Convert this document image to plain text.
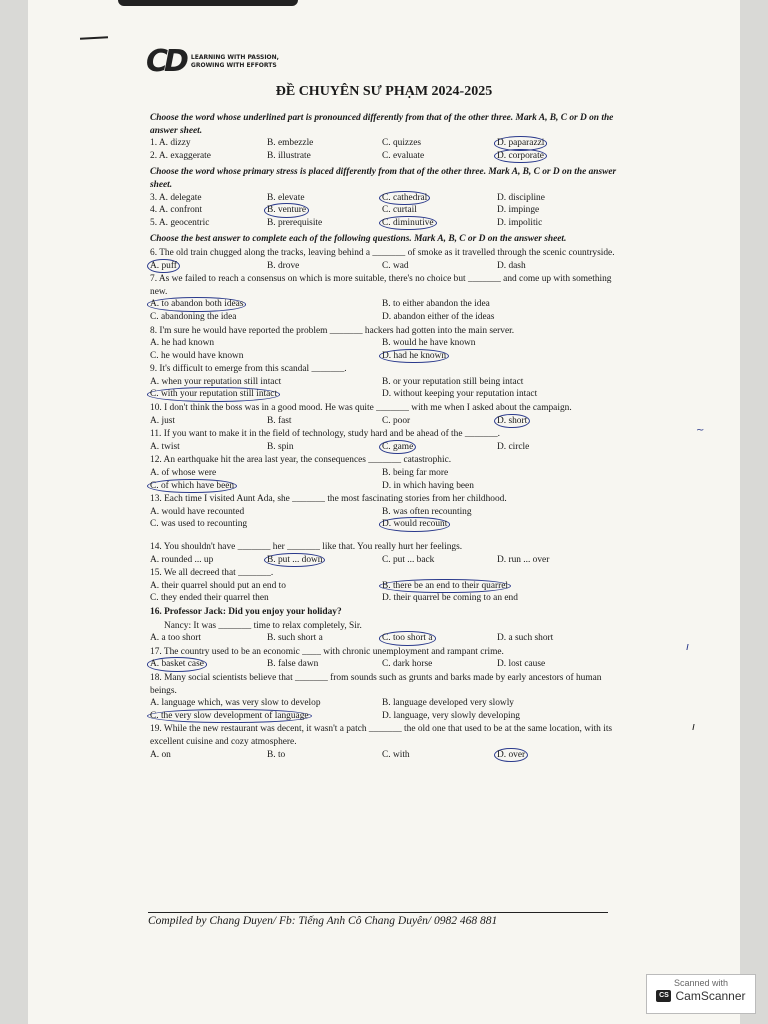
CD LEARNING WITH PASSION,
GROWING WITH EFFORTS
ĐỀ CHUYÊN SƯ PHẠM 2024-2025
Choose the word whose underlined part is pronounced differently from that of the other three. Mark A, B, C or D on the answer sheet.
1. A. dizzy	B. embezzle	C. quizzes	D. paparazzi
2. A. exaggerate	B. illustrate	C. evaluate	D. corporate
Choose the word whose primary stress is placed differently from that of the other three. Mark A, B, C or D on the answer sheet.
3. A. delegate	B. elevate	C. cathedral	D. discipline
4. A. confront	B. venture	C. curtail	D. impinge
5. A. geocentric	B. prerequisite	C. diminutive	D. impolitic
Choose the best answer to complete each of the following questions. Mark A, B, C or D on the answer sheet.
6. The old train chugged along the tracks, leaving behind a _______ of smoke as it travelled through the scenic countryside.
A. puff	B. drove	C. wad	D. dash
7. As we failed to reach a consensus on which is more suitable, there's no choice but _______ and come up with something new.
A. to abandon both ideas	B. to either abandon the idea
C. abandoning the idea	D. abandon either of the ideas
8. I'm sure he would have reported the problem _______ hackers had gotten into the main server.
A. he had known	B. would he have known
C. he would have known	D. had he known
9. It's difficult to emerge from this scandal _______.
A. when your reputation still intact	B. or your reputation still being intact
C. with your reputation still intact	D. without keeping your reputation intact
10. I don't think the boss was in a good mood. He was quite _______ with me when I asked about the campaign.
A. just	B. fast	C. poor	D. short
11. If you want to make it in the field of technology, study hard and be ahead of the _______.
A. twist	B. spin	C. game	D. circle
12. An earthquake hit the area last year, the consequences _______ catastrophic.
A. of whose were	B. being far more
C. of which have been	D. in which having been
13. Each time I visited Aunt Ada, she _______ the most fascinating stories from her childhood.
A. would have recounted	B. was often recounting
C. was used to recounting	D. would recount
14. You shouldn't have _______ her _______ like that. You really hurt her feelings.
A. rounded ... up	B. put ... down	C. put ... back	D. run ... over
15. We all decreed that _______.
A. their quarrel should put an end to	B. there be an end to their quarrel
C. they ended their quarrel then	D. their quarrel be coming to an end
16. Professor Jack: Did you enjoy your holiday?
Nancy: It was _______ time to relax completely, Sir.
A. a too short	B. such short a	C. too short a	D. a such short
17. The country used to be an economic ____ with chronic unemployment and rampant crime.
A. basket case	B. false dawn	C. dark horse	D. lost cause
18. Many social scientists believe that _______ from sounds such as grunts and barks made by early ancestors of human beings.
A. language which, was very slow to develop	B. language developed very slowly
C. the very slow development of language	D. language, very slowly developing
19. While the new restaurant was decent, it wasn't a patch _______ the old one that used to be at the same location, with its excellent cuisine and cozy atmosphere.
A. on	B. to	C. with	D. over
Compiled by Chang Duyen/ Fb: Tiếng Anh Cô Chang Duyên/ 0982 468 881
~
ı
ı
Scanned with
CS CamScanner
